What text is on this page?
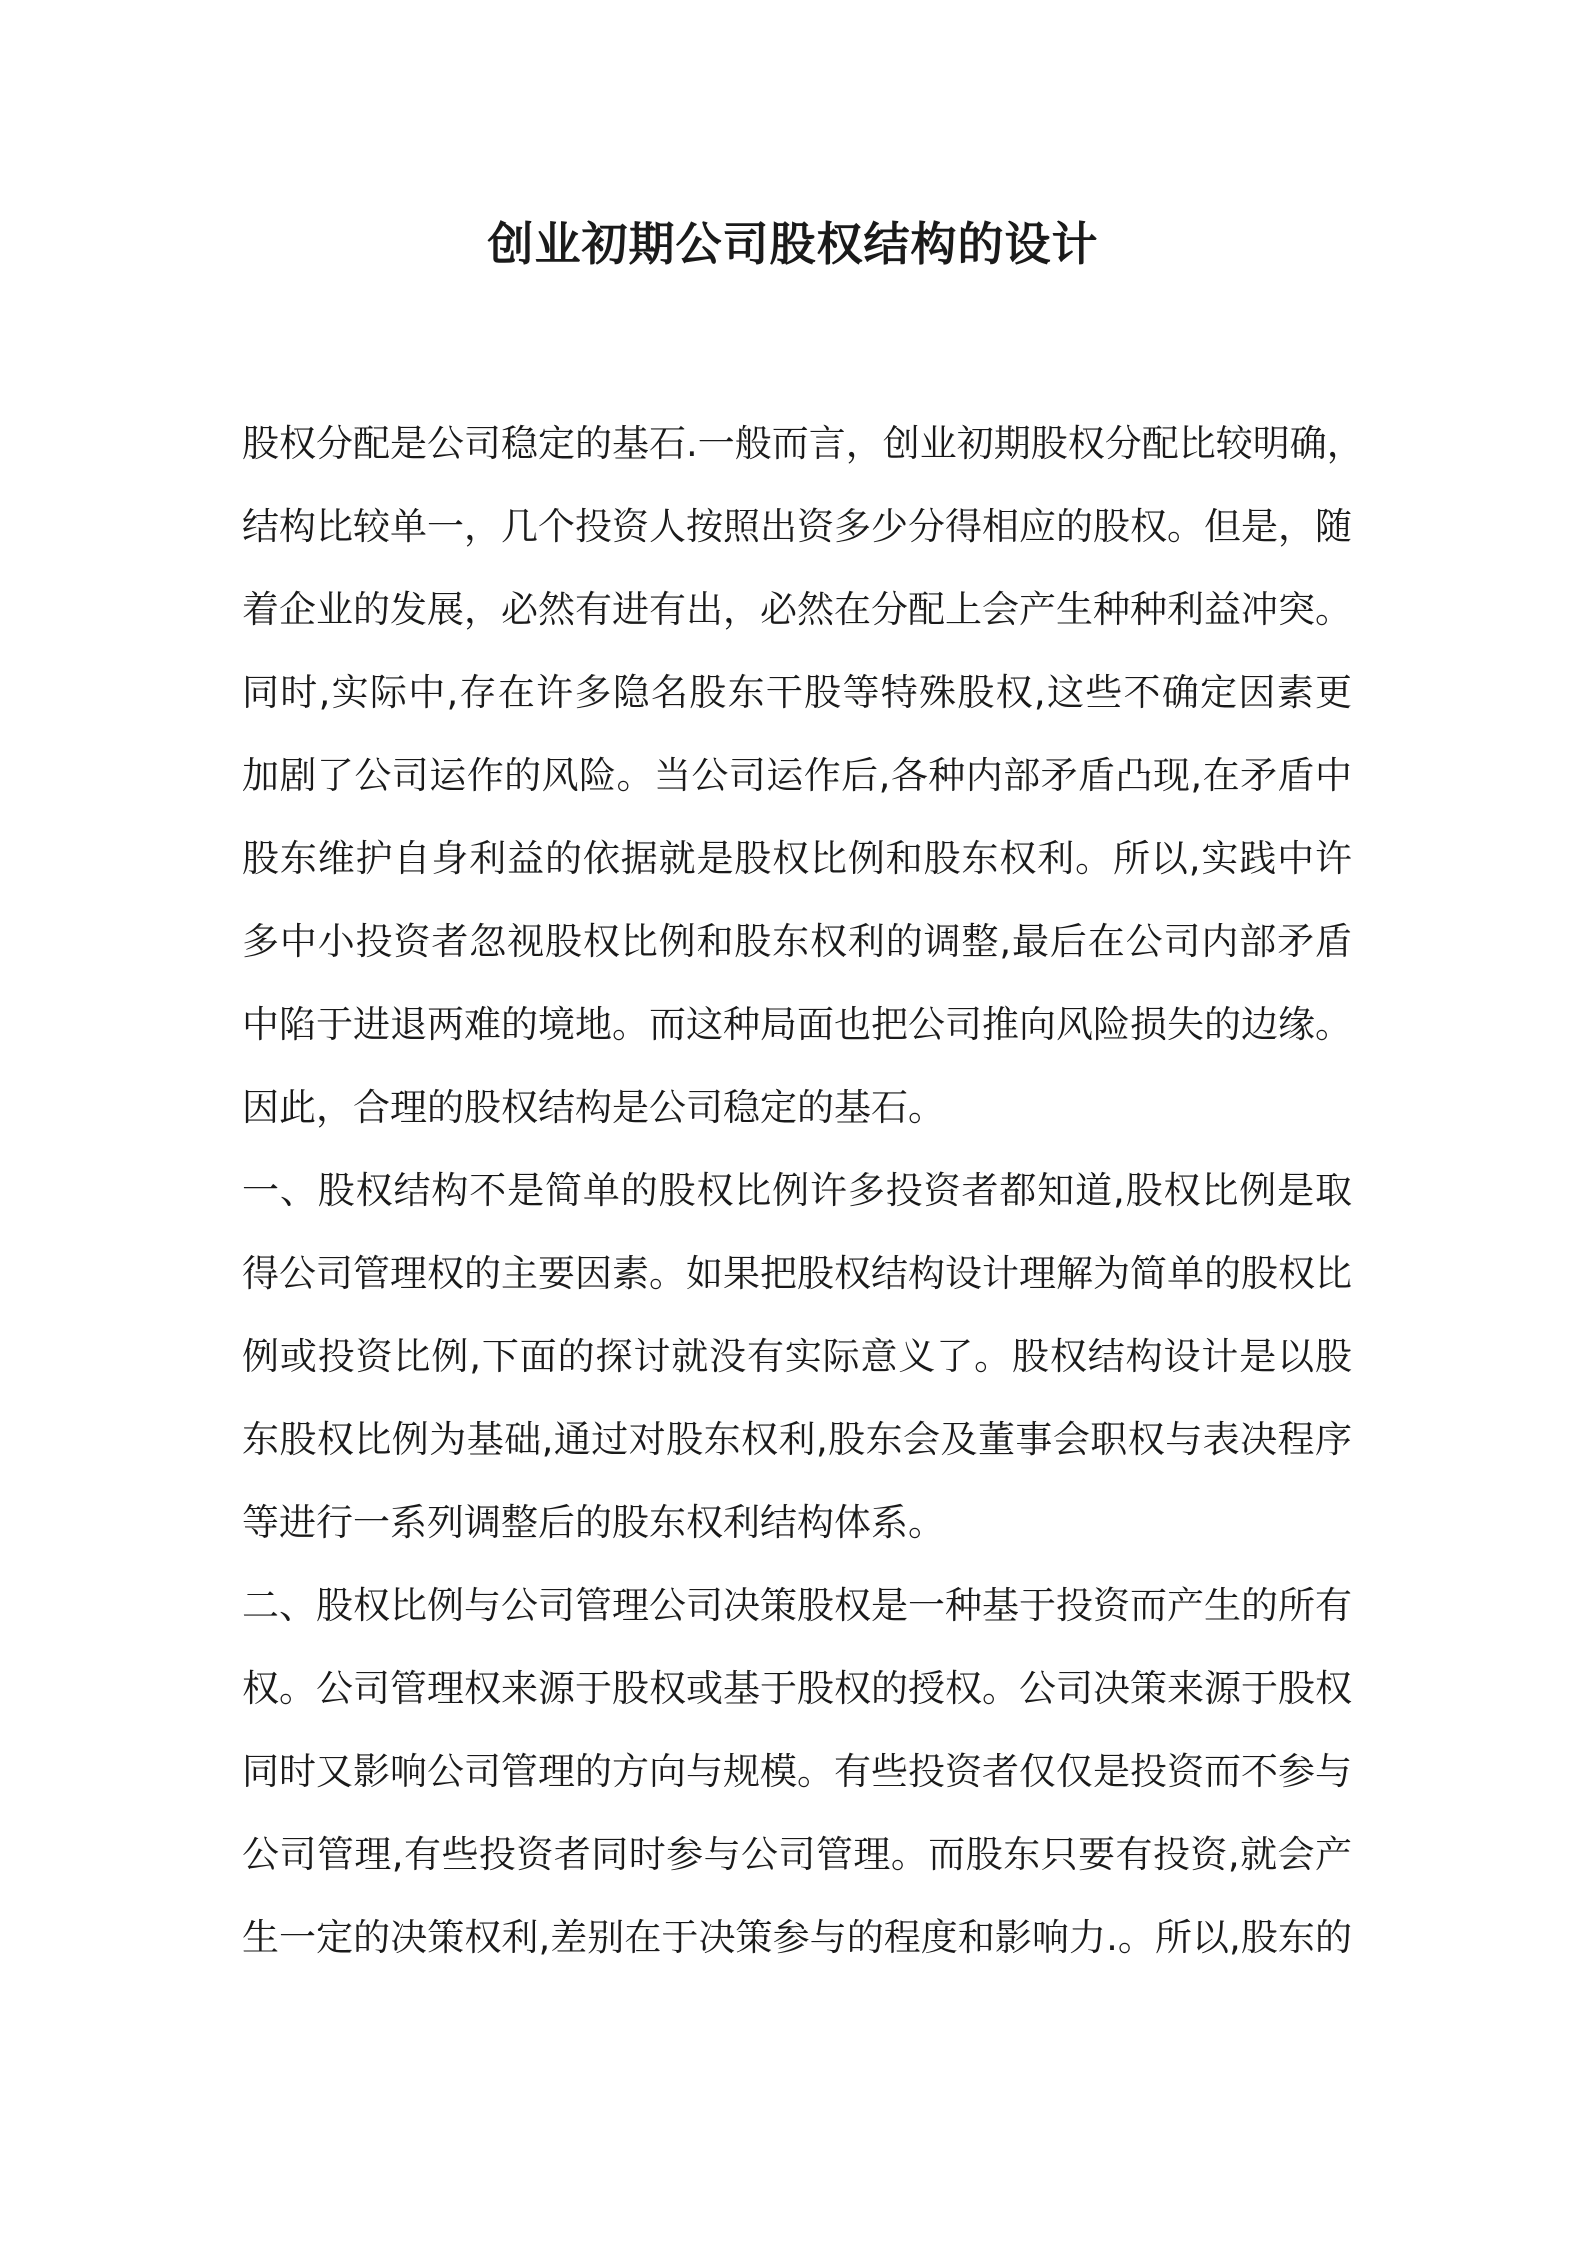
创业初期公司股权结构的设计
股权分配是公司稳定的基石.一般而言，创业初期股权分配比较明确，
结构比较单一，几个投资人按照出资多少分得相应的股权。但是，随
着企业的发展，必然有进有出，必然在分配上会产生种种利益冲突。
同时,实际中,存在许多隐名股东干股等特殊股权,这些不确定因素更
加剧了公司运作的风险。当公司运作后,各种内部矛盾凸现,在矛盾中
股东维护自身利益的依据就是股权比例和股东权利。所以,实践中许
多中小投资者忽视股权比例和股东权利的调整,最后在公司内部矛盾
中陷于进退两难的境地。而这种局面也把公司推向风险损失的边缘。
因此，合理的股权结构是公司稳定的基石。
一、股权结构不是简单的股权比例许多投资者都知道,股权比例是取
得公司管理权的主要因素。如果把股权结构设计理解为简单的股权比
例或投资比例,下面的探讨就没有实际意义了。股权结构设计是以股
东股权比例为基础,通过对股东权利,股东会及董事会职权与表决程序
等进行一系列调整后的股东权利结构体系。
二、股权比例与公司管理公司决策股权是一种基于投资而产生的所有
权。公司管理权来源于股权或基于股权的授权。公司决策来源于股权
同时又影响公司管理的方向与规模。有些投资者仅仅是投资而不参与
公司管理,有些投资者同时参与公司管理。而股东只要有投资,就会产
生一定的决策权利,差别在于决策参与的程度和影响力.。所以,股东的
